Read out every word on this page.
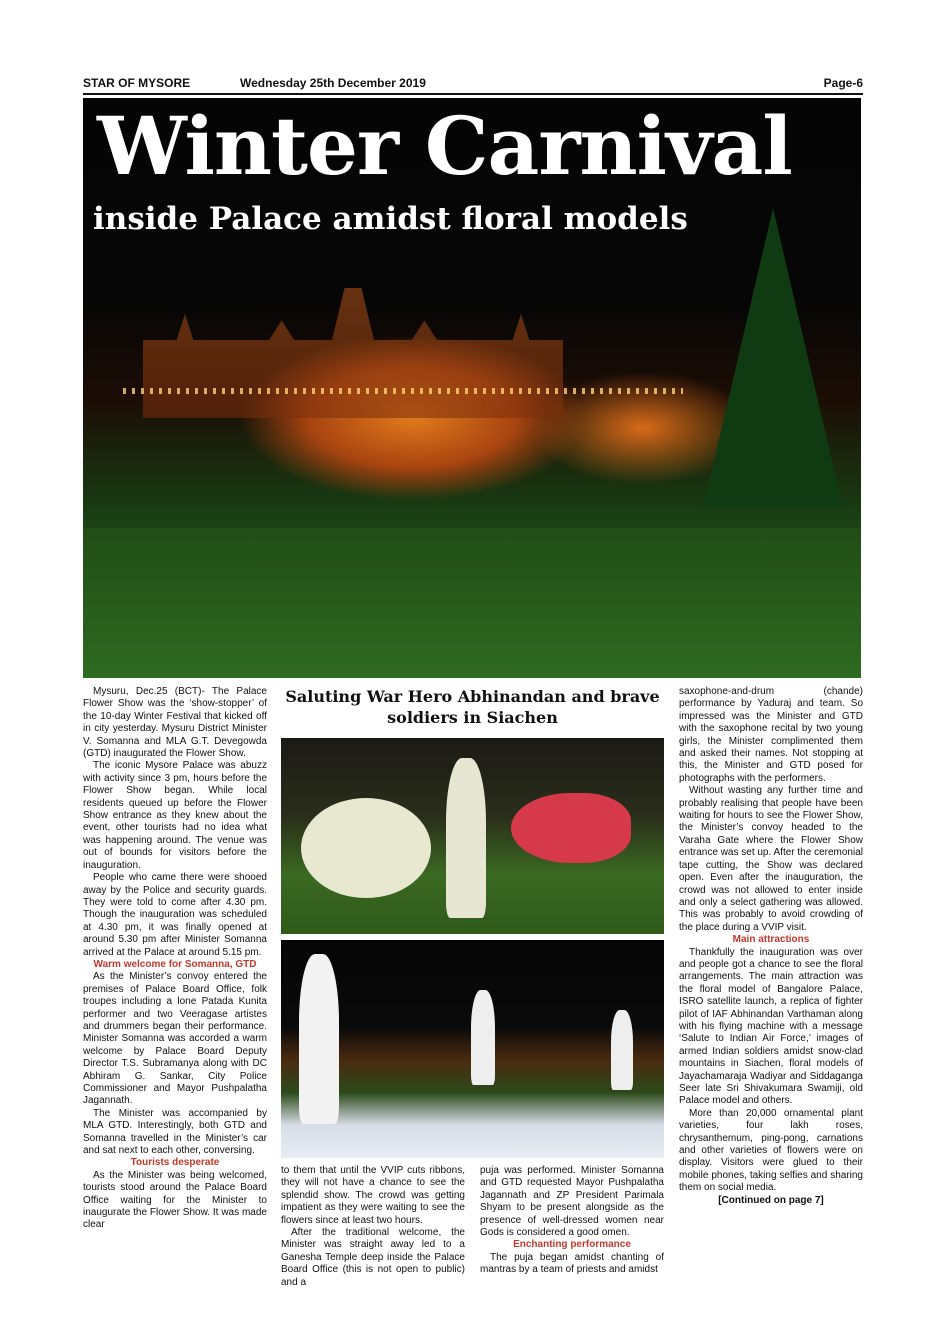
STAR OF MYSORE	Wednesday 25th December 2019	Page-6
Winter Carnival
inside Palace amidst floral models

Mysuru, Dec.25 (BCT)- The Palace Flower Show was the ‘show-stopper’ of the 10-day Winter Festival that kicked off in city yesterday. Mysuru District Minister V. Somanna and MLA G.T. Devegowda (GTD) inaugurated the Flower Show.

The iconic Mysore Palace was abuzz with activity since 3 pm, hours before the Flower Show began. While local residents queued up before the Flower Show entrance as they knew about the event, other tourists had no idea what was happening around. The venue was out of bounds for visitors before the inauguration.

People who came there were shooed away by the Police and security guards. They were told to come after 4.30 pm. Though the inauguration was scheduled at 4.30 pm, it was finally opened at around 5.30 pm after Minister Somanna arrived at the Palace at around 5.15 pm.

Warm welcome for Somanna, GTD

As the Minister’s convoy entered the premises of Palace Board Office, folk troupes including a lone Patada Kunita performer and two Veeragase artistes and drummers began their performance. Minister Somanna was accorded a warm welcome by Palace Board Deputy Director T.S. Subramanya along with DC Abhiram G. Sankar, City Police Commissioner and Mayor Pushpalatha Jagannath.

The Minister was accompanied by MLA GTD. Interestingly, both GTD and Somanna travelled in the Minister’s car and sat next to each other, conversing.

Tourists desperate

As the Minister was being welcomed, tourists stood around the Palace Board Office waiting for the Minister to inaugurate the Flower Show. It was made clear

Saluting War Hero Abhinandan and brave soldiers in Siachen

to them that until the VVIP cuts ribbons, they will not have a chance to see the splendid show. The crowd was getting impatient as they were waiting to see the flowers since at least two hours.

After the traditional welcome, the Minister was straight away led to a Ganesha Temple deep inside the Palace Board Office (this is not open to public) and a

puja was performed. Minister Somanna and GTD requested Mayor Pushpalatha Jagannath and ZP President Parimala Shyam to be present alongside as the presence of well-dressed women near Gods is considered a good omen.

Enchanting performance

The puja began amidst chanting of mantras by a team of priests and amidst

saxophone-and-drum (chande) performance by Yaduraj and team. So impressed was the Minister and GTD with the saxophone recital by two young girls, the Minister complimented them and asked their names. Not stopping at this, the Minister and GTD posed for photographs with the performers.

Without wasting any further time and probably realising that people have been waiting for hours to see the Flower Show, the Minister’s convoy headed to the Varaha Gate where the Flower Show entrance was set up. After the ceremonial tape cutting, the Show was declared open. Even after the inauguration, the crowd was not allowed to enter inside and only a select gathering was allowed. This was probably to avoid crowding of the place during a VVIP visit.

Main attractions

Thankfully the inauguration was over and people got a chance to see the floral arrangements. The main attraction was the floral model of Bangalore Palace, ISRO satellite launch, a replica of fighter pilot of IAF Abhinandan Varthaman along with his flying machine with a message ‘Salute to Indian Air Force,’ images of armed Indian soldiers amidst snow-clad mountains in Siachen, floral models of Jayachamaraja Wadiyar and Siddaganga Seer late Sri Shivakumara Swamiji, old Palace model and others.

More than 20,000 ornamental plant varieties, four lakh roses, chrysanthemum, ping-pong, carnations and other varieties of flowers were on display. Visitors were glued to their mobile phones, taking selfies and sharing them on social media.

[Continued on page 7]
